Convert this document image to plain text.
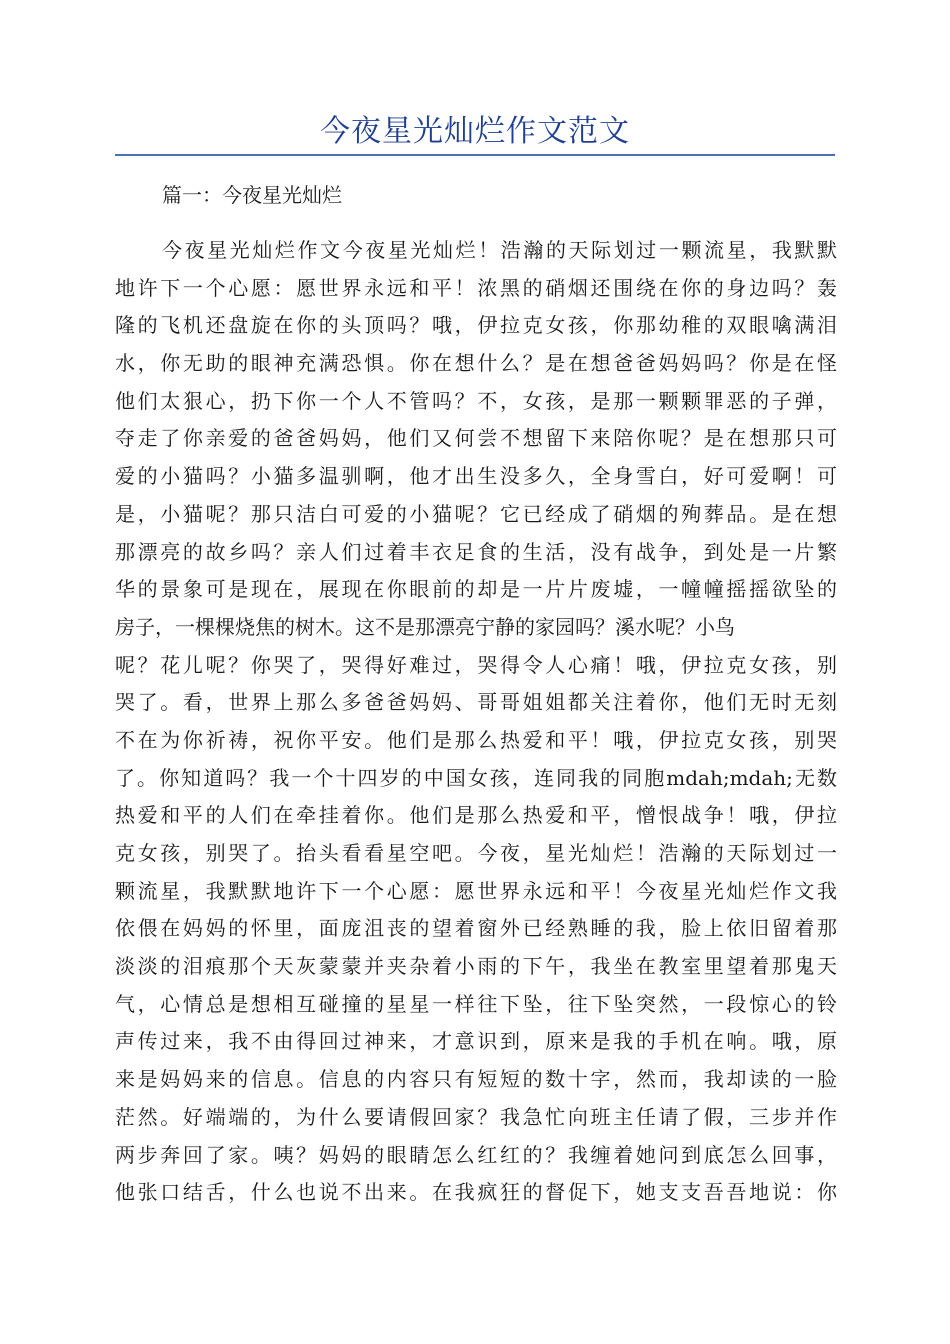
今夜星光灿烂作文范文
篇一：今夜星光灿烂
今夜星光灿烂作文今夜星光灿烂！浩瀚的天际划过一颗流星，我默默
地许下一个心愿：愿世界永远和平！浓黑的硝烟还围绕在你的身边吗？轰
隆的飞机还盘旋在你的头顶吗？哦，伊拉克女孩，你那幼稚的双眼噙满泪
水，你无助的眼神充满恐惧。你在想什么？是在想爸爸妈妈吗？你是在怪
他们太狠心，扔下你一个人不管吗？不，女孩，是那一颗颗罪恶的子弹，
夺走了你亲爱的爸爸妈妈，他们又何尝不想留下来陪你呢？是在想那只可
爱的小猫吗？小猫多温驯啊，他才出生没多久，全身雪白，好可爱啊！可
是，小猫呢？那只洁白可爱的小猫呢？它已经成了硝烟的殉葬品。是在想
那漂亮的故乡吗？亲人们过着丰衣足食的生活，没有战争，到处是一片繁
华的景象可是现在，展现在你眼前的却是一片片废墟，一幢幢摇摇欲坠的
房子，一棵棵烧焦的树木。这不是那漂亮宁静的家园吗？溪水呢？小鸟
呢？花儿呢？你哭了，哭得好难过，哭得令人心痛！哦，伊拉克女孩，别
哭了。看，世界上那么多爸爸妈妈、哥哥姐姐都关注着你，他们无时无刻
不在为你祈祷，祝你平安。他们是那么热爱和平！哦，伊拉克女孩，别哭
了。你知道吗？我一个十四岁的中国女孩，连同我的同胞mdah;mdah;无数
热爱和平的人们在牵挂着你。他们是那么热爱和平，憎恨战争！哦，伊拉
克女孩，别哭了。抬头看看星空吧。今夜，星光灿烂！浩瀚的天际划过一
颗流星，我默默地许下一个心愿：愿世界永远和平！今夜星光灿烂作文我
依偎在妈妈的怀里，面庞沮丧的望着窗外已经熟睡的我，脸上依旧留着那
淡淡的泪痕那个天灰蒙蒙并夹杂着小雨的下午，我坐在教室里望着那鬼天
气，心情总是想相互碰撞的星星一样往下坠，往下坠突然，一段惊心的铃
声传过来，我不由得回过神来，才意识到，原来是我的手机在响。哦，原
来是妈妈来的信息。信息的内容只有短短的数十字，然而，我却读的一脸
茫然。好端端的，为什么要请假回家？我急忙向班主任请了假，三步并作
两步奔回了家。咦？妈妈的眼睛怎么红红的？我缠着她问到底怎么回事，
他张口结舌，什么也说不出来。在我疯狂的督促下，她支支吾吾地说：你
